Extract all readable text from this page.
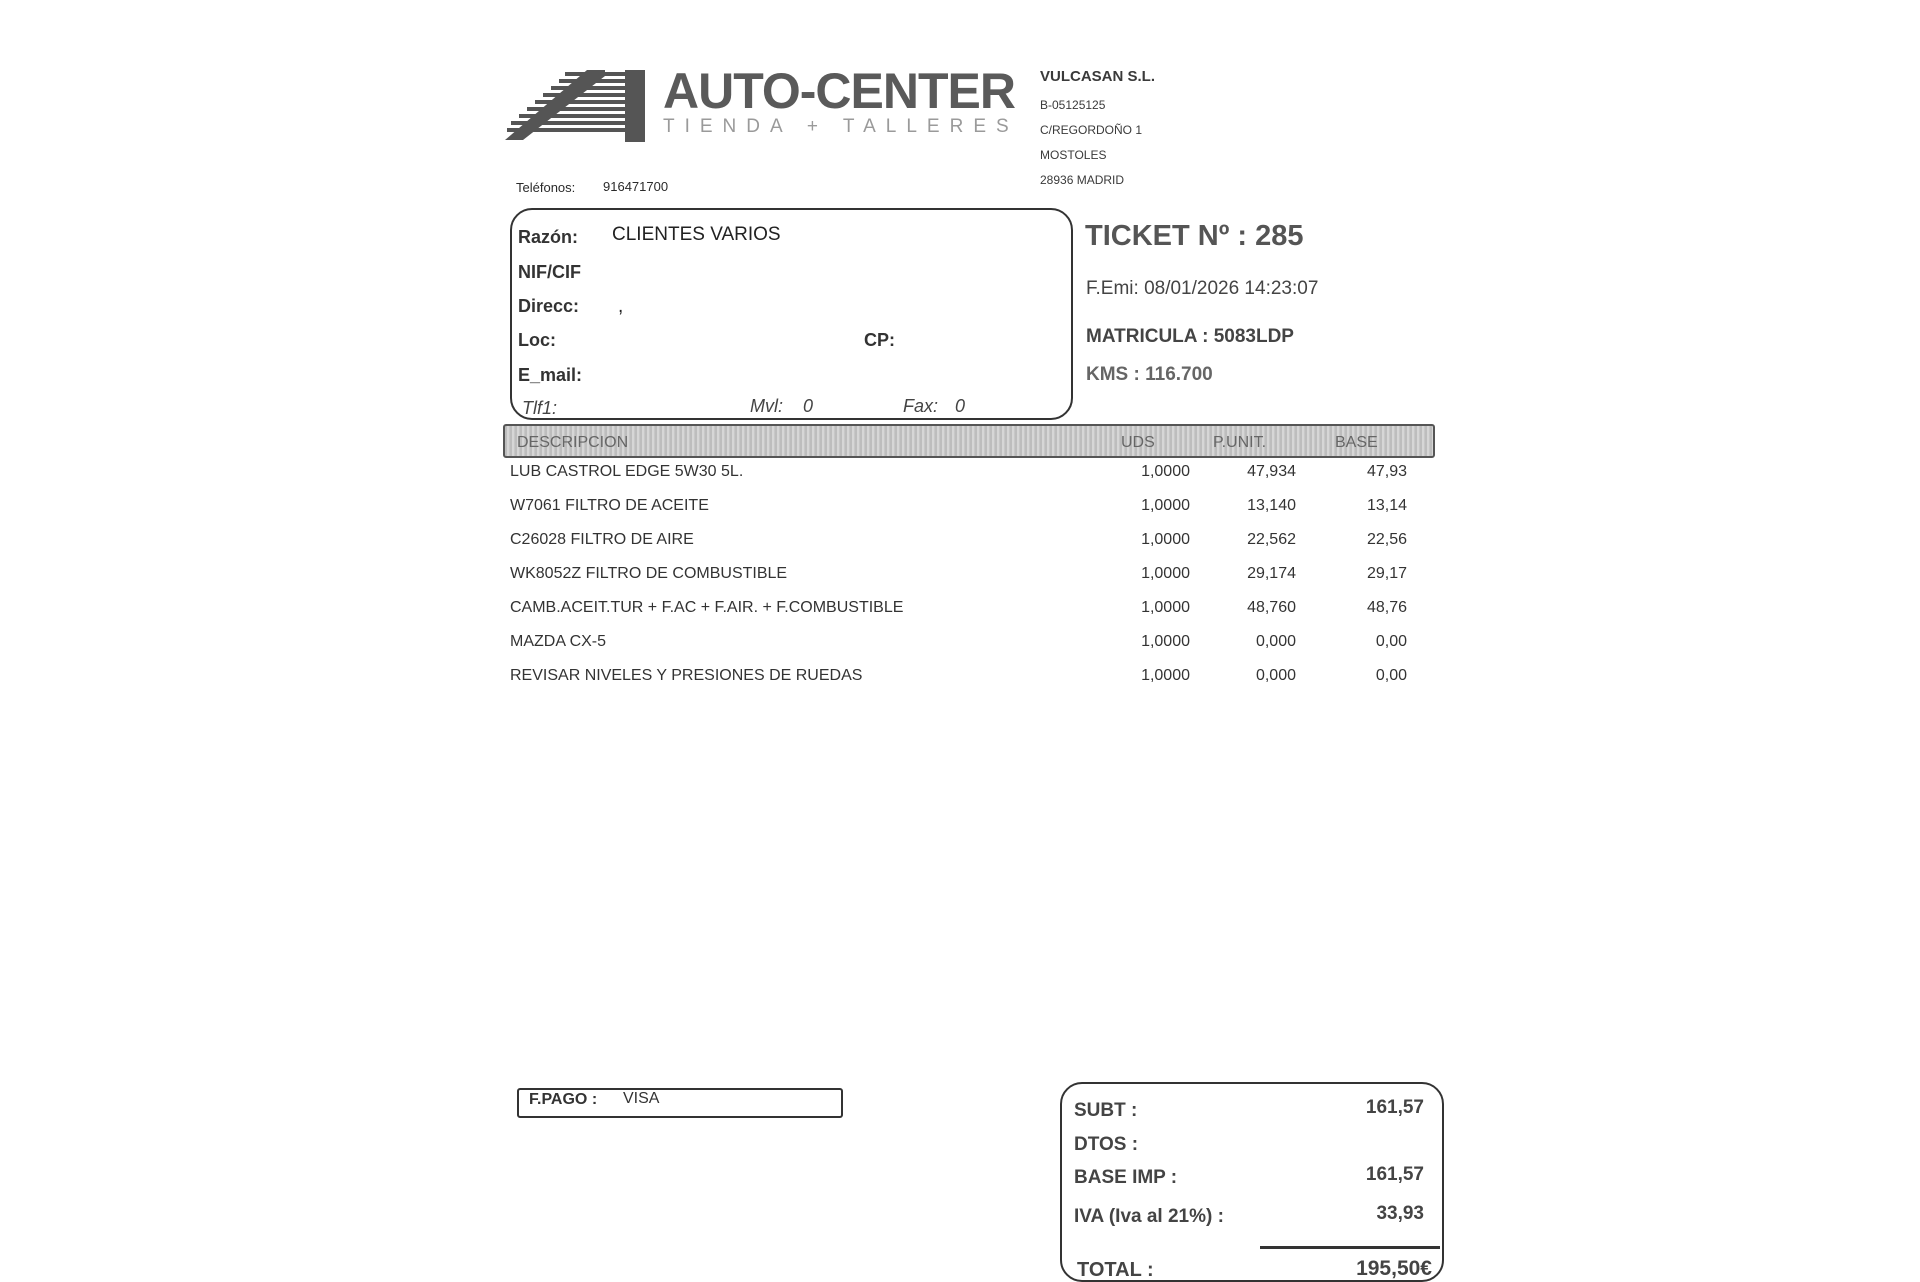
AUTO-CENTER
TIENDA + TALLERES
Teléfonos: 916471700
VULCASAN S.L.
B-05125125
C/REGORDOÑO 1
MOSTOLES
28936 MADRID
Razón: CLIENTES VARIOS
NIF/CIF
Direcc: ,
Loc:	CP:
E_mail:
Tlf1:	Mvl: 0	Fax: 0
TICKET Nº : 285
F.Emi: 08/01/2026 14:23:07
MATRICULA : 5083LDP
KMS : 116.700
DESCRIPCION	UDS	P.UNIT.	BASE
LUB CASTROL EDGE 5W30 5L.	1,0000	47,934	47,93
W7061 FILTRO DE ACEITE	1,0000	13,140	13,14
C26028 FILTRO DE AIRE	1,0000	22,562	22,56
WK8052Z FILTRO DE COMBUSTIBLE	1,0000	29,174	29,17
CAMB.ACEIT.TUR + F.AC + F.AIR. + F.COMBUSTIBLE	1,0000	48,760	48,76
MAZDA CX-5	1,0000	0,000	0,00
REVISAR NIVELES Y PRESIONES DE RUEDAS	1,0000	0,000	0,00
F.PAGO : VISA
SUBT :	161,57
DTOS :
BASE IMP :	161,57
IVA (Iva al 21%) :	33,93
TOTAL :	195,50€
